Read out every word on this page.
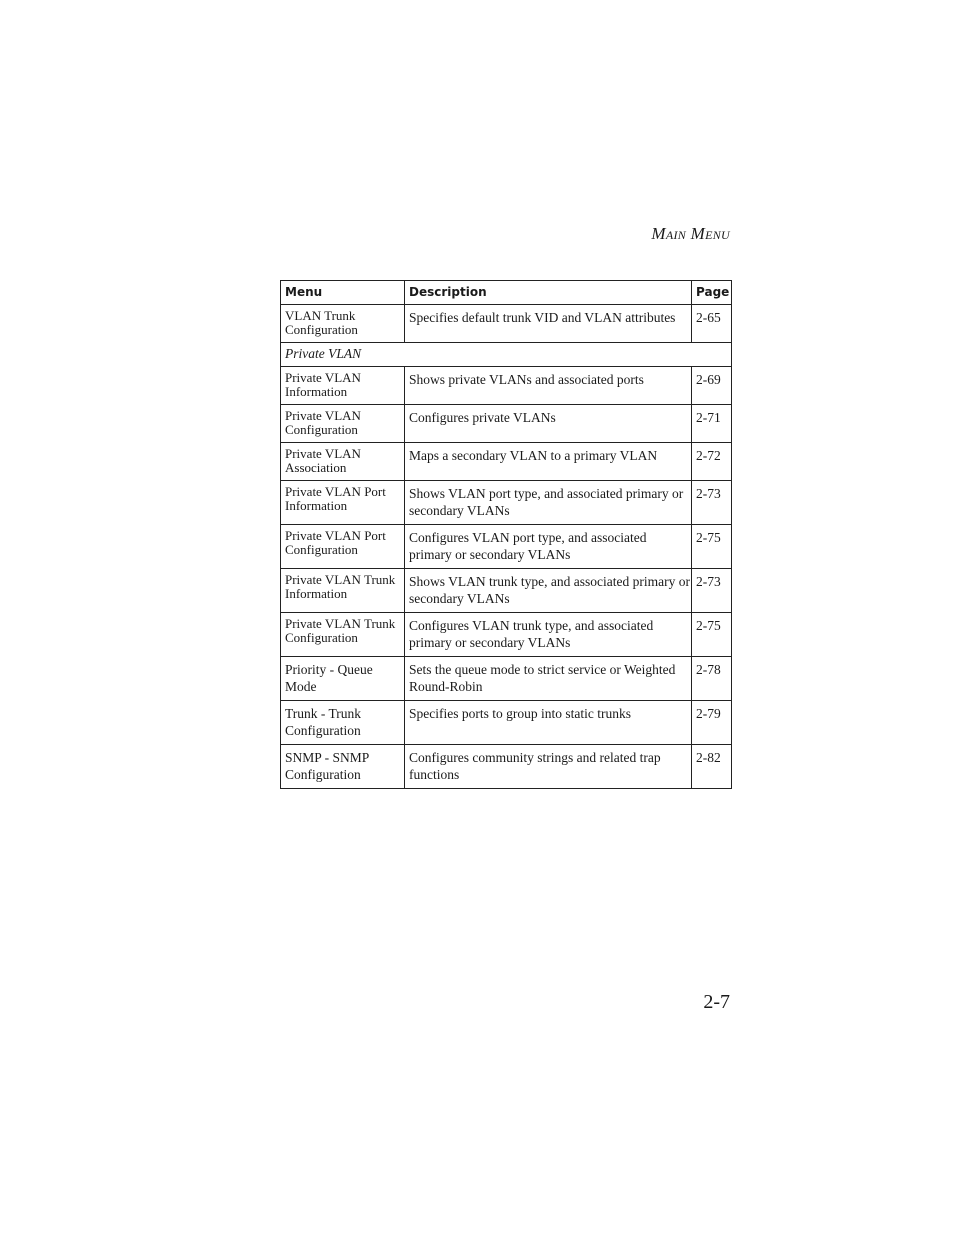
MAIN MENU
Menu	Description	Page
VLAN Trunk Configuration	Specifies default trunk VID and VLAN attributes	2-65
Private VLAN		
Private VLAN Information	Shows private VLANs and associated ports	2-69
Private VLAN Configuration	Configures private VLANs	2-71
Private VLAN Association	Maps a secondary VLAN to a primary VLAN	2-72
Private VLAN Port Information	Shows VLAN port type, and associated primary or secondary VLANs	2-73
Private VLAN Port Configuration	Configures VLAN port type, and associated primary or secondary VLANs	2-75
Private VLAN Trunk Information	Shows VLAN trunk type, and associated primary or secondary VLANs	2-73
Private VLAN Trunk Configuration	Configures VLAN trunk type, and associated primary or secondary VLANs	2-75
Priority - Queue Mode	Sets the queue mode to strict service or Weighted Round-Robin	2-78
Trunk - Trunk Configuration	Specifies ports to group into static trunks	2-79
SNMP - SNMP Configuration	Configures community strings and related trap functions	2-82
2-7
